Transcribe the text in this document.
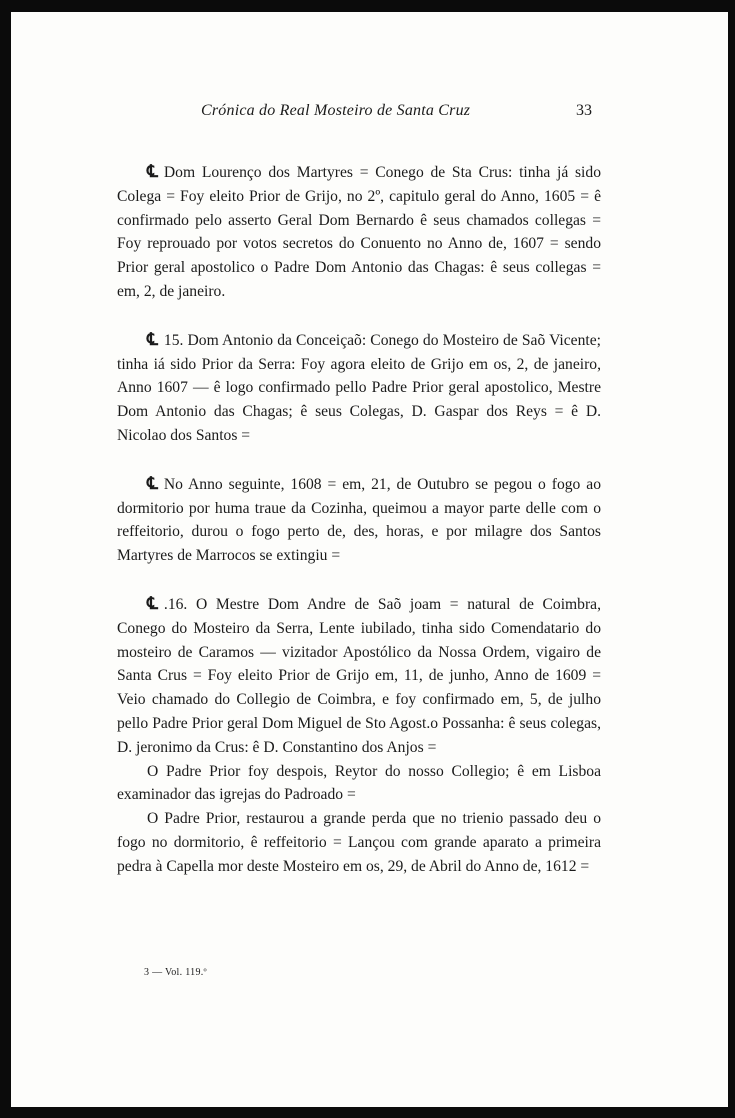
Crónica do Real Mosteiro de Santa Cruz	33

℄ Dom Lourenço dos Martyres = Conego de Sta Crus: tinha já sido Colega = Foy eleito Prior de Grijo, no 2º, capitulo geral do Anno, 1605 = ê confirmado pelo asserto Geral Dom Bernardo ê seus chamados collegas = Foy reprouado por votos secretos do Conuento no Anno de, 1607 = sendo Prior geral apostolico o Padre Dom Antonio das Chagas: ê seus collegas = em, 2, de janeiro.

℄ 15. Dom Antonio da Conceiçaõ: Conego do Mosteiro de Saõ Vicente; tinha iá sido Prior da Serra: Foy agora eleito de Grijo em os, 2, de janeiro, Anno 1607 — ê logo confirmado pello Padre Prior geral apostolico, Mestre Dom Antonio das Chagas; ê seus Colegas, D. Gaspar dos Reys = ê D. Nicolao dos Santos =

℄ No Anno seguinte, 1608 = em, 21, de Outubro se pegou o fogo ao dormitorio por huma traue da Cozinha, queimou a mayor parte delle com o reffeitorio, durou o fogo perto de, des, horas, e por milagre dos Santos Martyres de Marrocos se extingiu =

℄ .16. O Mestre Dom Andre de Saõ joam = natural de Coimbra, Conego do Mosteiro da Serra, Lente iubilado, tinha sido Comendatario do mosteiro de Caramos — vizitador Apostólico da Nossa Ordem, vigairo de Santa Crus = Foy eleito Prior de Grijo em, 11, de junho, Anno de 1609 = Veio chamado do Collegio de Coimbra, e foy confirmado em, 5, de julho pello Padre Prior geral Dom Miguel de Sto Agost.o Possanha: ê seus colegas, D. jeronimo da Crus: ê D. Constantino dos Anjos =

O Padre Prior foy despois, Reytor do nosso Collegio; ê em Lisboa examinador das igrejas do Padroado =

O Padre Prior, restaurou a grande perda que no trienio passado deu o fogo no dormitorio, ê reffeitorio = Lançou com grande aparato a primeira pedra à Capella mor deste Mosteiro em os, 29, de Abril do Anno de, 1612 =

3 — Vol. 119.º
